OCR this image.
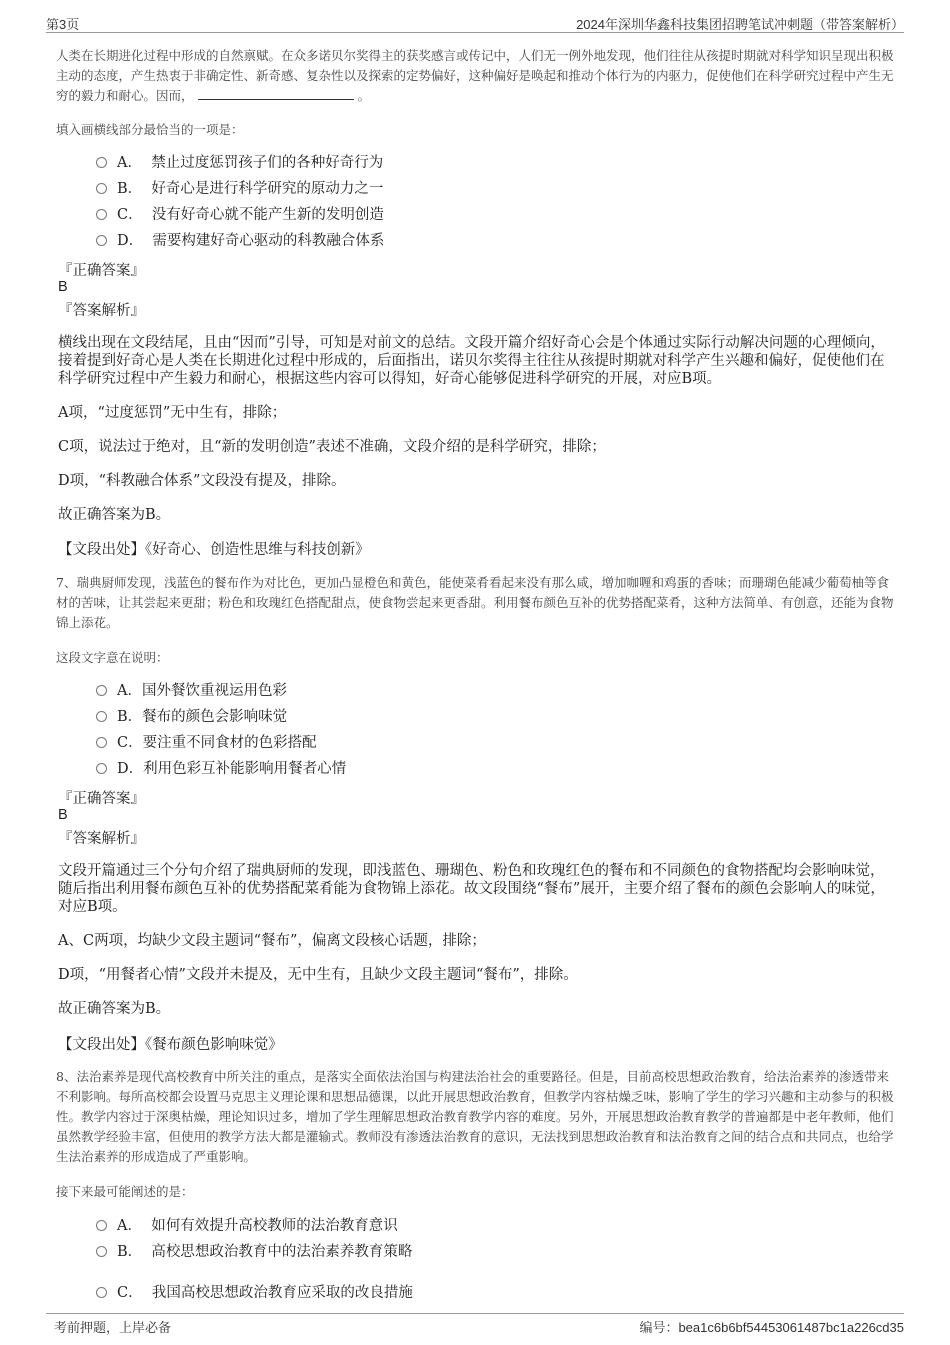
第3页	2024年深圳华鑫科技集团招聘笔试冲刺题（带答案解析）

人类在长期进化过程中形成的自然禀赋。在众多诺贝尔奖得主的获奖感言或传记中，人们无一例外地发现，他们往往从孩提时期就对科学知识呈现出积极主动的态度，产生热衷于非确定性、新奇感、复杂性以及探索的定势偏好，这种偏好是唤起和推动个体行为的内驱力，促使他们在科学研究过程中产生无穷的毅力和耐心。因而，	。

填入画横线部分最恰当的一项是：

A． 禁止过度惩罚孩子们的各种好奇行为
B． 好奇心是进行科学研究的原动力之一
C． 没有好奇心就不能产生新的发明创造
D． 需要构建好奇心驱动的科教融合体系
『正确答案』
B
『答案解析』

横线出现在文段结尾，且由“因而”引导，可知是对前文的总结。文段开篇介绍好奇心会是个体通过实际行动解决问题的心理倾向，接着提到好奇心是人类在长期进化过程中形成的，后面指出，诺贝尔奖得主往往从孩提时期就对科学产生兴趣和偏好，促使他们在科学研究过程中产生毅力和耐心，根据这些内容可以得知，好奇心能够促进科学研究的开展，对应B项。

A项，“过度惩罚”无中生有，排除；

C项，说法过于绝对，且“新的发明创造”表述不准确，文段介绍的是科学研究，排除；

D项，“科教融合体系”文段没有提及，排除。

故正确答案为B。

【文段出处】《好奇心、创造性思维与科技创新》

7、瑞典厨师发现，浅蓝色的餐布作为对比色，更加凸显橙色和黄色，能使菜肴看起来没有那么咸，增加咖喱和鸡蛋的香味；而珊瑚色能减少葡萄柚等食材的苦味，让其尝起来更甜；粉色和玫瑰红色搭配甜点，使食物尝起来更香甜。利用餐布颜色互补的优势搭配菜肴，这种方法简单、有创意，还能为食物锦上添花。

这段文字意在说明：

A．国外餐饮重视运用色彩
B．餐布的颜色会影响味觉
C．要注重不同食材的色彩搭配
D．利用色彩互补能影响用餐者心情
『正确答案』
B
『答案解析』

文段开篇通过三个分句介绍了瑞典厨师的发现，即浅蓝色、珊瑚色、粉色和玫瑰红色的餐布和不同颜色的食物搭配均会影响味觉，随后指出利用餐布颜色互补的优势搭配菜肴能为食物锦上添花。故文段围绕“餐布”展开，主要介绍了餐布的颜色会影响人的味觉，对应B项。

A、C两项，均缺少文段主题词“餐布”，偏离文段核心话题，排除；

D项，“用餐者心情”文段并未提及，无中生有，且缺少文段主题词“餐布”，排除。

故正确答案为B。

【文段出处】《餐布颜色影响味觉》

8、法治素养是现代高校教育中所关注的重点，是落实全面依法治国与构建法治社会的重要路径。但是，目前高校思想政治教育，给法治素养的渗透带来不利影响。每所高校都会设置马克思主义理论课和思想品德课，以此开展思想政治教育，但教学内容枯燥乏味，影响了学生的学习兴趣和主动参与的积极性。教学内容过于深奥枯燥，理论知识过多，增加了学生理解思想政治教育教学内容的难度。另外，开展思想政治教育教学的普遍都是中老年教师，他们虽然教学经验丰富，但使用的教学方法大都是灌输式。教师没有渗透法治教育的意识，无法找到思想政治教育和法治教育之间的结合点和共同点，也给学生法治素养的形成造成了严重影响。

接下来最可能阐述的是：

A． 如何有效提升高校教师的法治教育意识
B． 高校思想政治教育中的法治素养教育策略
C． 我国高校思想政治教育应采取的改良措施
考前押题，上岸必备	编号：bea1c6b6bf54453061487bc1a226cd35
